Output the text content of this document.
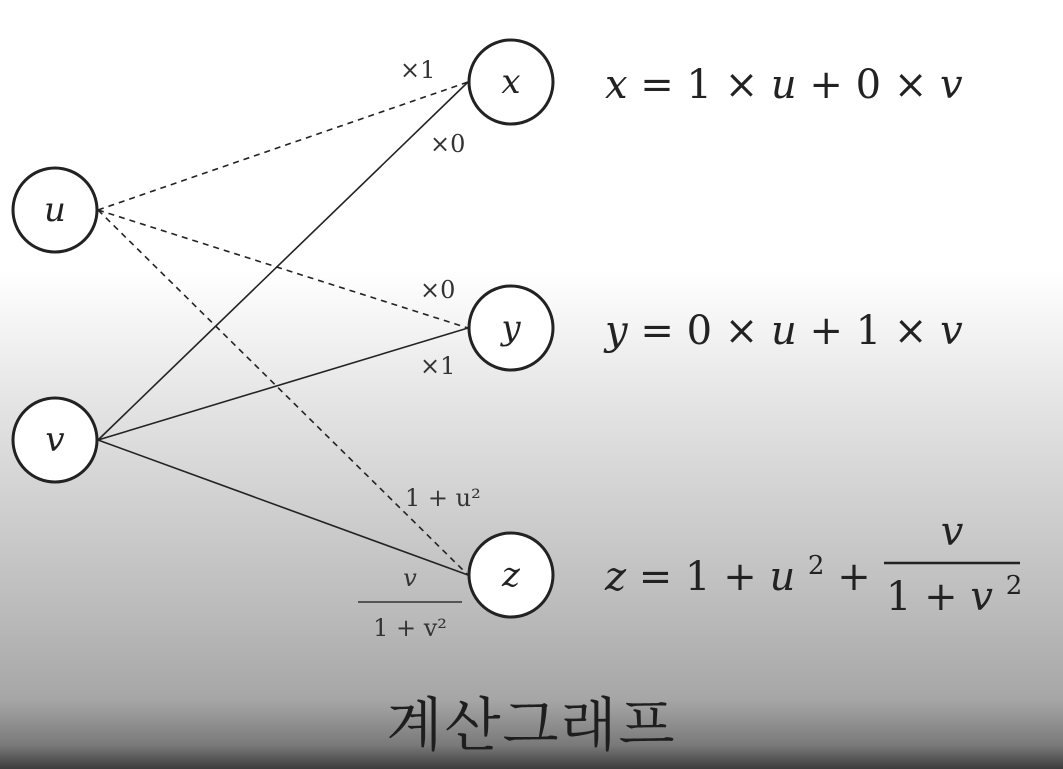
×1
×0
×0
×1
1 + u²
v
1 + v²
u
v
x
y
z
x = 1 × u + 0 × v
y = 0 × u + 1 × v
z = 1 + u $^2$ +
v
1 + v $^2$
계산그래프
